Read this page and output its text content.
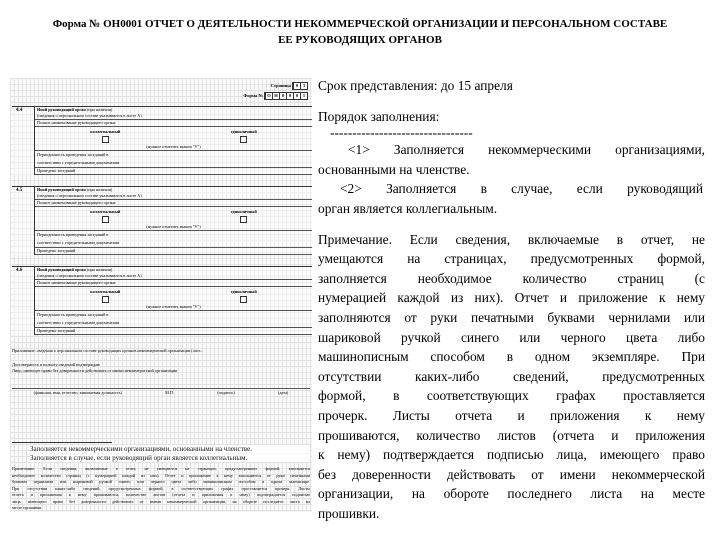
Форма № ОН0001 ОТЧЕТ О ДЕЯТЕЛЬНОСТИ НЕКОММЕРЧЕСКОЙ ОРГАНИЗАЦИИ И ПЕРСОНАЛЬНОМ СОСТАВЕ
ЕЕ РУКОВОДЯЩИХ ОРГАНОВ
Страница	0	3
Форма № О Н 0	0	0	1
4.4	Иной руководящий орган (при наличии)
(сведения о персональном составе указываются в листе А)
Полное наименование руководящего органа
коллегиальный	единоличный
(нужное отметить знаком "V")
Периодичность проведения заседаний в
соответствии с учредительными документами
Проведено заседаний
4.5	Иной руководящий орган (при наличии)
(сведения о персональном составе указываются в листе А)
Полное наименование руководящего органа
коллегиальный	единоличный
(нужное отметить знаком "V")
Периодичность проведения заседаний в
соответствии с учредительными документами
Проведено заседаний
4.6	Иной руководящий орган (при наличии)
(сведения о персональном составе указываются в листе А)
Полное наименование руководящего органа
коллегиальный	единоличный
(нужное отметить знаком "V")
Периодичность проведения заседаний в
соответствии с учредительными документами
Проведено заседаний
Приложение: сведения о персональном составе руководящих органов некоммерческой организации (лист...
Достоверность и полноту сведений подтверждаю
Лицо, имеющее право без доверенности действовать от имени некоммерческой организации
(фамилия, имя, отчество, занимаемая должность)	М.П.	(подпись)	(дата)
Заполняется некоммерческими организациями, основанными на членстве.
Заполняется в случае, если руководящий орган является коллегиальным.
Примечание. Если сведения, включаемые в отчет, не умещаются на страницах, предусмотренных формой, заполняется
необходимое количество страниц (с нумерацией каждой из них). Отчет и приложение к нему заполняются от руки печатными
буквами чернилами или шариковой ручкой синего или черного цвета либо машинописным способом в одном экземпляре.
При отсутствии каких-либо сведений, предусмотренных формой, в соответствующих графах проставляется прочерк. Листы
отчета и приложения к нему прошиваются, количество листов (отчета и приложения к нему) подтверждается подписью
лица, имеющего право без доверенности действовать от имени некоммерческой организации, на обороте последнего листа на
месте прошивки.
Срок представления: до 15 апреля
Порядок заполнения:
--------------------------------
<1> Заполняется некоммерческими организациями,
основанными на членстве.
<2> Заполняется в случае, если руководящий
орган является коллегиальным.
Примечание. Если сведения, включаемые в отчет, не
умещаются на страницах, предусмотренных формой,
заполняется необходимое количество страниц (с
нумерацией каждой из них). Отчет и приложение к нему
заполняются от руки печатными буквами чернилами или
шариковой ручкой синего или черного цвета либо
машинописным способом в одном экземпляре. При
отсутствии каких-либо сведений, предусмотренных
формой, в соответствующих графах проставляется
прочерк. Листы отчета и приложения к нему
прошиваются, количество листов (отчета и приложения
к нему) подтверждается подписью лица, имеющего право
без доверенности действовать от имени некоммерческой
организации, на обороте последнего листа на месте
прошивки.
